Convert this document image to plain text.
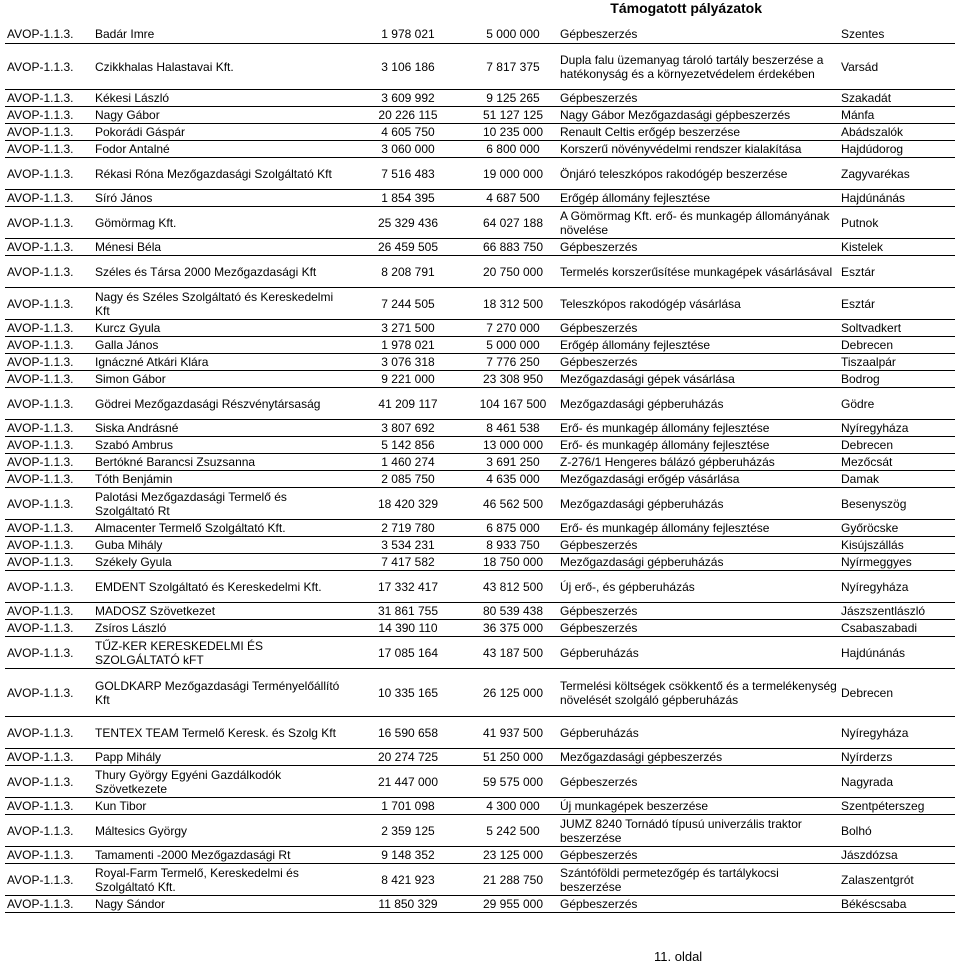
Támogatott pályázatok
AVOP-1.1.3.	Badár Imre	1 978 021	5 000 000	Gépbeszerzés	Szentes
AVOP-1.1.3.	Czikkhalas Halastavai Kft.	3 106 186	7 817 375	Dupla falu üzemanyag tároló tartály beszerzése a hatékonyság és a környezetvédelem érdekében	Varsád
AVOP-1.1.3.	Kékesi László	3 609 992	9 125 265	Gépbeszerzés	Szakadát
AVOP-1.1.3.	Nagy Gábor	20 226 115	51 127 125	Nagy Gábor Mezőgazdasági gépbeszerzés	Mánfa
AVOP-1.1.3.	Pokorádi Gáspár	4 605 750	10 235 000	Renault Celtis erőgép beszerzése	Abádszalók
AVOP-1.1.3.	Fodor Antalné	3 060 000	6 800 000	Korszerű növényvédelmi rendszer kialakítása	Hajdúdorog
AVOP-1.1.3.	Rékasi Róna Mezőgazdasági Szolgáltató Kft	7 516 483	19 000 000	Önjáró teleszkópos rakodógép beszerzése	Zagyvarékas
AVOP-1.1.3.	Síró János	1 854 395	4 687 500	Erőgép állomány fejlesztése	Hajdúnánás
AVOP-1.1.3.	Gömörmag Kft.	25 329 436	64 027 188	A Gömörmag Kft. erő- és munkagép állományának növelése	Putnok
AVOP-1.1.3.	Ménesi Béla	26 459 505	66 883 750	Gépbeszerzés	Kistelek
AVOP-1.1.3.	Széles és Társa 2000 Mezőgazdasági Kft	8 208 791	20 750 000	Termelés korszerűsítése munkagépek vásárlásával	Esztár
AVOP-1.1.3.	Nagy és Széles Szolgáltató és Kereskedelmi Kft	7 244 505	18 312 500	Teleszkópos rakodógép vásárlása	Esztár
AVOP-1.1.3.	Kurcz Gyula	3 271 500	7 270 000	Gépbeszerzés	Soltvadkert
AVOP-1.1.3.	Galla János	1 978 021	5 000 000	Erőgép állomány fejlesztése	Debrecen
AVOP-1.1.3.	Ignáczné Atkári Klára	3 076 318	7 776 250	Gépbeszerzés	Tiszaalpár
AVOP-1.1.3.	Simon Gábor	9 221 000	23 308 950	Mezőgazdasági gépek vásárlása	Bodrog
AVOP-1.1.3.	Gödrei Mezőgazdasági Részvénytársaság	41 209 117	104 167 500	Mezőgazdasági gépberuházás	Gödre
AVOP-1.1.3.	Siska Andrásné	3 807 692	8 461 538	Erő- és munkagép állomány fejlesztése	Nyíregyháza
AVOP-1.1.3.	Szabó Ambrus	5 142 856	13 000 000	Erő- és munkagép állomány fejlesztése	Debrecen
AVOP-1.1.3.	Bertókné Barancsi Zsuzsanna	1 460 274	3 691 250	Z-276/1 Hengeres bálázó gépberuházás	Mezőcsát
AVOP-1.1.3.	Tóth Benjámin	2 085 750	4 635 000	Mezőgazdasági erőgép vásárlása	Damak
AVOP-1.1.3.	Palotási Mezőgazdasági Termelő és Szolgáltató Rt	18 420 329	46 562 500	Mezőgazdasági gépberuházás	Besenyszög
AVOP-1.1.3.	Almacenter Termelő Szolgáltató Kft.	2 719 780	6 875 000	Erő- és munkagép állomány fejlesztése	Győröcske
AVOP-1.1.3.	Guba Mihály	3 534 231	8 933 750	Gépbeszerzés	Kisújszállás
AVOP-1.1.3.	Székely Gyula	7 417 582	18 750 000	Mezőgazdasági gépberuházás	Nyírmeggyes
AVOP-1.1.3.	EMDENT Szolgáltató és Kereskedelmi Kft.	17 332 417	43 812 500	Új erő-, és gépberuházás	Nyíregyháza
AVOP-1.1.3.	MADOSZ Szövetkezet	31 861 755	80 539 438	Gépbeszerzés	Jászszentlászló
AVOP-1.1.3.	Zsíros László	14 390 110	36 375 000	Gépbeszerzés	Csabaszabadi
AVOP-1.1.3.	TŰZ-KER KERESKEDELMI ÉS SZOLGÁLTATÓ kFT	17 085 164	43 187 500	Gépberuházás	Hajdúnánás
AVOP-1.1.3.	GOLDKARP Mezőgazdasági Terményelőállító Kft	10 335 165	26 125 000	Termelési költségek csökkentő és a termelékenység növelését szolgáló gépberuházás	Debrecen
AVOP-1.1.3.	TENTEX TEAM Termelő Keresk. és Szolg Kft	16 590 658	41 937 500	Gépberuházás	Nyíregyháza
AVOP-1.1.3.	Papp Mihály	20 274 725	51 250 000	Mezőgazdasági gépbeszerzés	Nyírderzs
AVOP-1.1.3.	Thury György Egyéni Gazdálkodók Szövetkezete	21 447 000	59 575 000	Gépbeszerzés	Nagyrada
AVOP-1.1.3.	Kun Tibor	1 701 098	4 300 000	Új munkagépek beszerzése	Szentpéterszeg
AVOP-1.1.3.	Máltesics György	2 359 125	5 242 500	JUMZ 8240 Tornádó típusú univerzális traktor beszerzése	Bolhó
AVOP-1.1.3.	Tamamenti -2000 Mezőgazdasági Rt	9 148 352	23 125 000	Gépbeszerzés	Jászdózsa
AVOP-1.1.3.	Royal-Farm Termelő, Kereskedelmi és Szolgáltató Kft.	8 421 923	21 288 750	Szántóföldi permetezőgép és tartálykocsi beszerzése	Zalaszentgrót
AVOP-1.1.3.	Nagy Sándor	11 850 329	29 955 000	Gépbeszerzés	Békéscsaba
11. oldal
